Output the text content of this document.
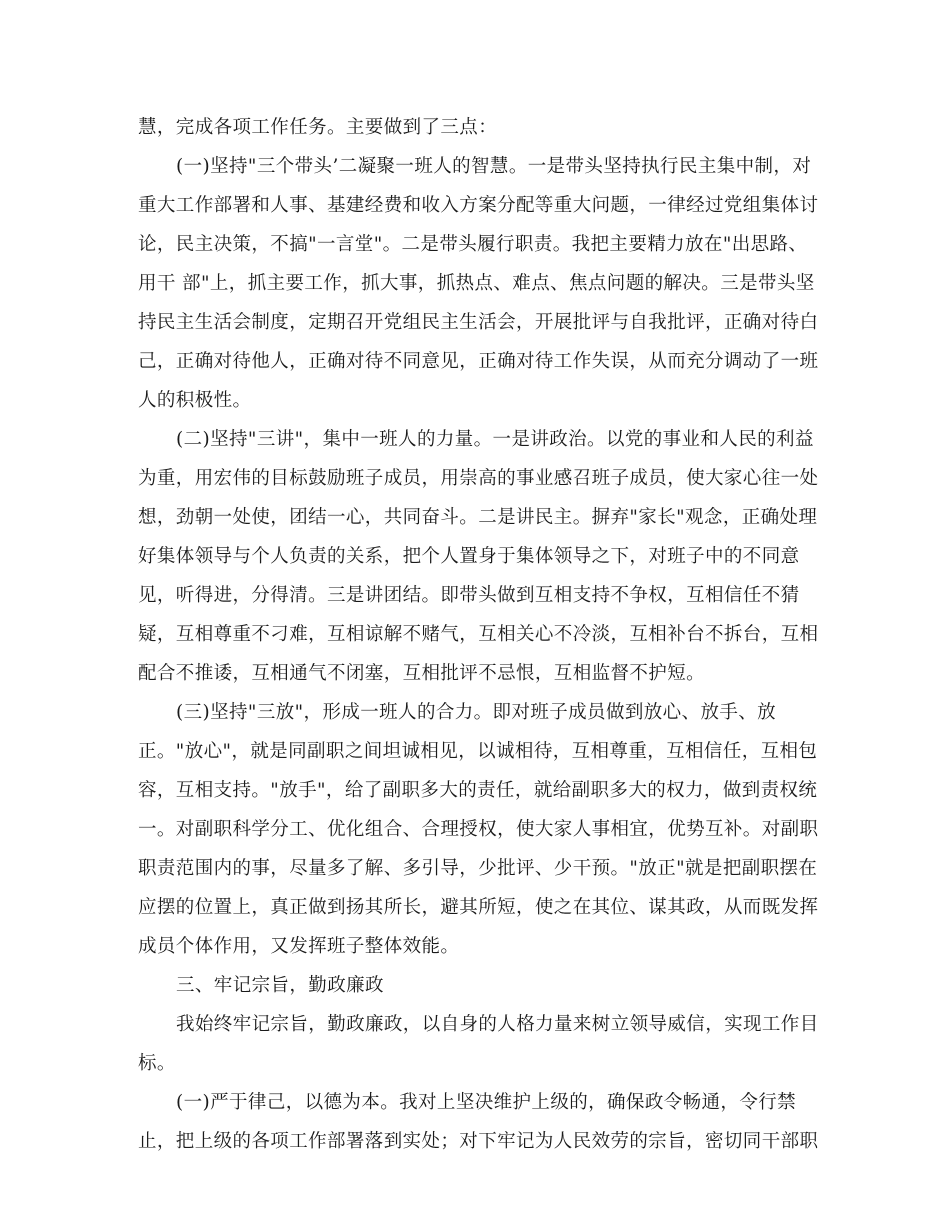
慧，完成各项工作任务。主要做到了三点：
(一)坚持"三个带头’二凝聚一班人的智慧。一是带头坚持执行民主集中制，对
重大工作部署和人事、基建经费和收入方案分配等重大问题，一律经过党组集体讨
论，民主决策，不搞"一言堂"。二是带头履行职责。我把主要精力放在"出思路、
用干 部"上，抓主要工作，抓大事，抓热点、难点、焦点问题的解决。三是带头坚
持民主生活会制度，定期召开党组民主生活会，开展批评与自我批评，正确对待白
己，正确对待他人，正确对待不同意见，正确对待工作失误，从而充分调动了一班
人的积极性。
(二)坚持"三讲"，集中一班人的力量。一是讲政治。以党的事业和人民的利益
为重，用宏伟的目标鼓励班子成员，用崇高的事业感召班子成员，使大家心往一处
想，劲朝一处使，团结一心，共同奋斗。二是讲民主。摒弃"家长"观念，正确处理
好集体领导与个人负责的关系，把个人置身于集体领导之下，对班子中的不同意
见，听得进，分得清。三是讲团结。即带头做到互相支持不争权，互相信任不猜
疑，互相尊重不刁难，互相谅解不赌气，互相关心不冷淡，互相补台不拆台，互相
配合不推诿，互相通气不闭塞，互相批评不忌恨，互相监督不护短。
(三)坚持"三放"，形成一班人的合力。即对班子成员做到放心、放手、放
正。"放心"，就是同副职之间坦诚相见，以诚相待，互相尊重，互相信任，互相包
容，互相支持。"放手"，给了副职多大的责任，就给副职多大的权力，做到责权统
一。对副职科学分工、优化组合、合理授权，使大家人事相宜，优势互补。对副职
职责范围内的事，尽量多了解、多引导，少批评、少干预。"放正"就是把副职摆在
应摆的位置上，真正做到扬其所长，避其所短，使之在其位、谋其政，从而既发挥
成员个体作用，又发挥班子整体效能。
三、牢记宗旨，勤政廉政
我始终牢记宗旨，勤政廉政，以自身的人格力量来树立领导威信，实现工作目
标。
(一)严于律己，以德为本。我对上坚决维护上级的，确保政令畅通，令行禁
止，把上级的各项工作部署落到实处；对下牢记为人民效劳的宗旨，密切同干部职
